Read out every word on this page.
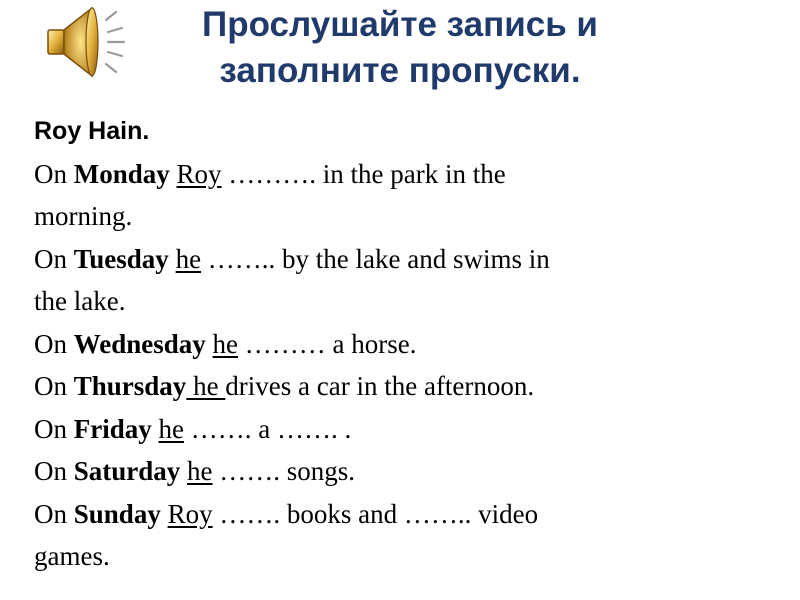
Прослушайте запись и
заполните пропуски.
Roy Hain.
On Monday Roy ………. in the park in the
morning.
On Tuesday he …….. by the lake and swims in
the lake.
On Wednesday he ……… a horse.
On Thursday he drives a car in the afternoon.
On Friday he ……. a ……. .
On Saturday he ……. songs.
On Sunday Roy ……. books and …….. video
games.
